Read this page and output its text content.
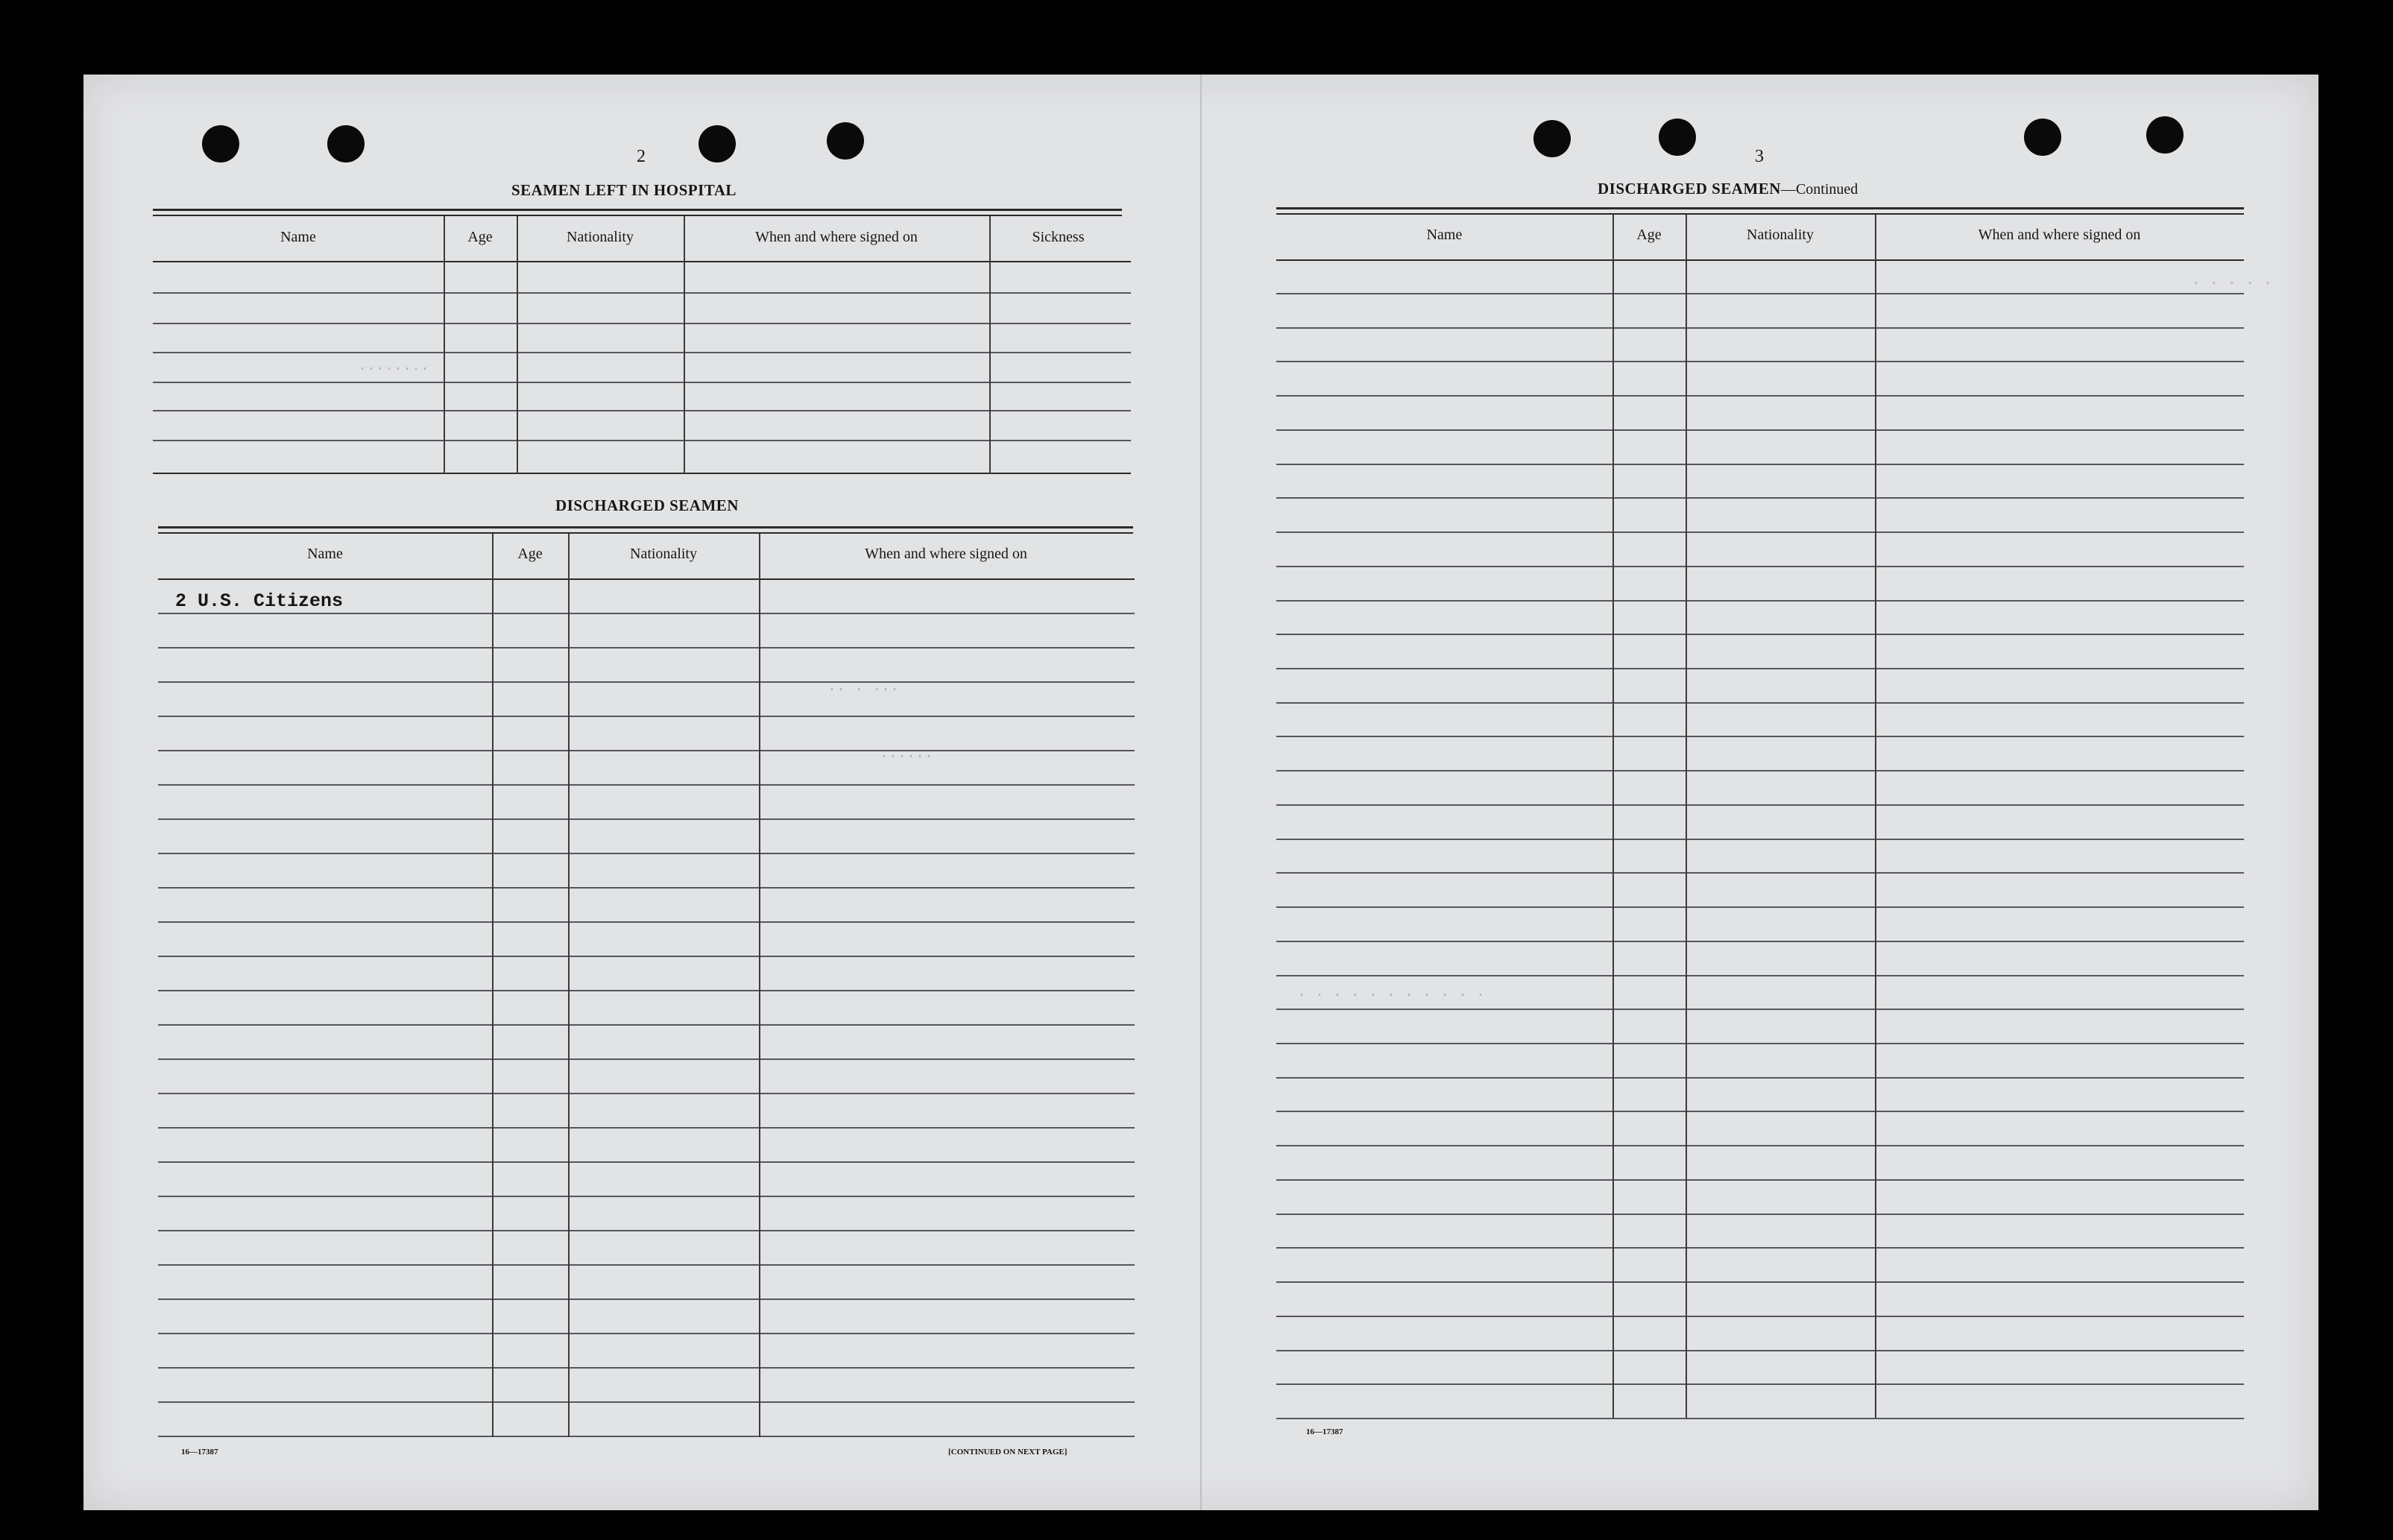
........
.. . ...
......
. . . . . . . . . . .
. . . . .
2
SEAMEN LEFT IN HOSPITAL
Name	Age	Nationality	When and where signed on	Sickness
DISCHARGED SEAMEN
Name	Age	Nationality	When and where signed on
2 U.S. Citizens
16—17387	[CONTINUED ON NEXT PAGE]
3
DISCHARGED SEAMEN—Continued
Name	Age	Nationality	When and where signed on
16—17387
